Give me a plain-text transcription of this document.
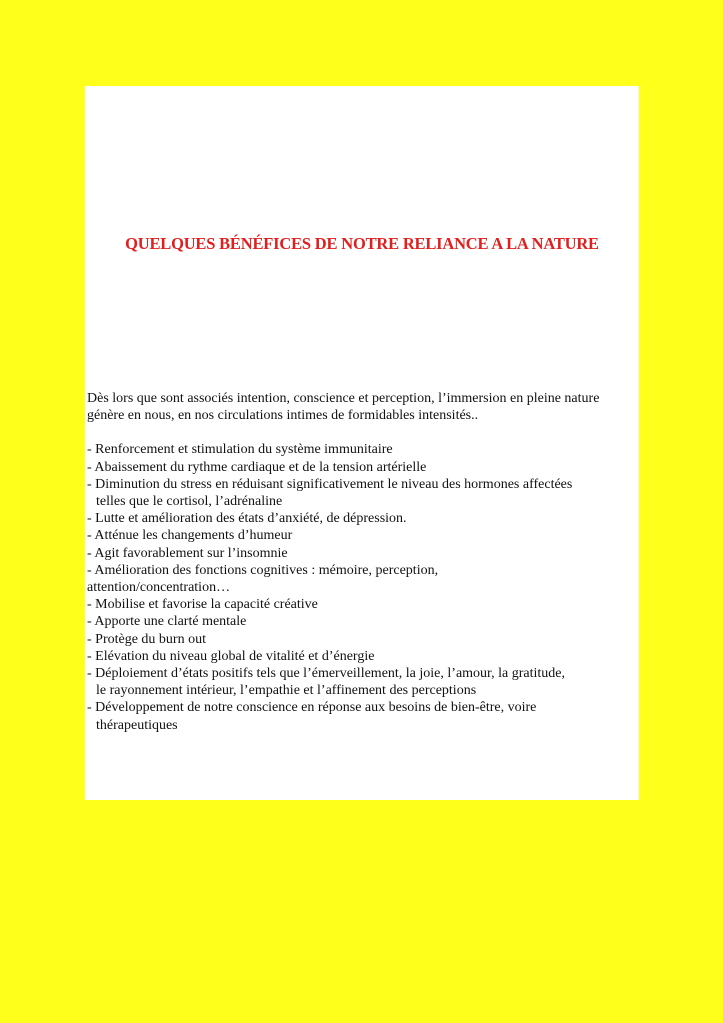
QUELQUES BÉNÉFICES DE NOTRE RELIANCE A LA NATURE

Dès lors que sont associés intention, conscience et perception, l’immersion en pleine nature génère en nous, en nos circulations intimes de formidables intensités..

- Renforcement et stimulation du système immunitaire
- Abaissement du rythme cardiaque et de la tension artérielle
- Diminution du stress en réduisant significativement le niveau des hormones affectées
telles que le cortisol, l’adrénaline
- Lutte et amélioration des états d’anxiété, de dépression.
- Atténue les changements d’humeur
- Agit favorablement sur l’insomnie
- Amélioration des fonctions cognitives : mémoire, perception,
attention/concentration…
- Mobilise et favorise la capacité créative
- Apporte une clarté mentale
- Protège du burn out
- Elévation du niveau global de vitalité et d’énergie
- Déploiement d’états positifs tels que l’émerveillement, la joie, l’amour, la gratitude,
le rayonnement intérieur, l’empathie et l’affinement des perceptions
- Développement de notre conscience en réponse aux besoins de bien-être, voire
thérapeutiques
